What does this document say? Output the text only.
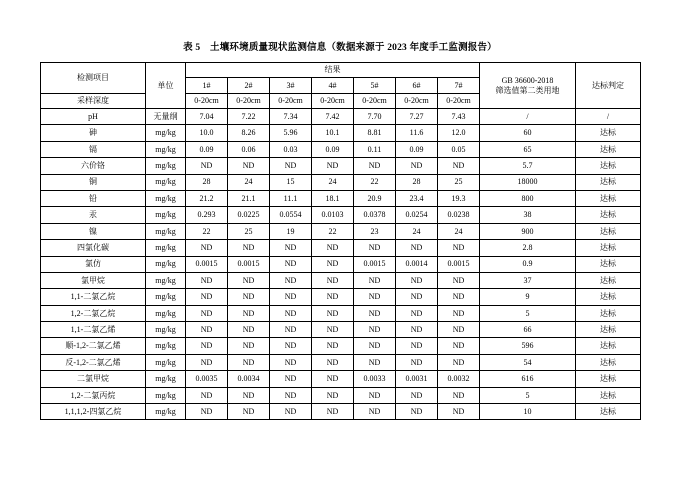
表 5　土壤环境质量现状监测信息（数据来源于 2023 年度手工监测报告）
检测项目	单位	结果							GB 36600-2018
筛选值第二类用地	达标判定
		1#	2#	3#	4#	5#	6#	7#		
采样深度		0-20cm	0-20cm	0-20cm	0-20cm	0-20cm	0-20cm	0-20cm		
pH	无量纲	7.04	7.22	7.34	7.42	7.70	7.27	7.43	/	/
砷	mg/kg	10.0	8.26	5.96	10.1	8.81	11.6	12.0	60	达标
镉	mg/kg	0.09	0.06	0.03	0.09	0.11	0.09	0.05	65	达标
六价铬	mg/kg	ND	ND	ND	ND	ND	ND	ND	5.7	达标
铜	mg/kg	28	24	15	24	22	28	25	18000	达标
铅	mg/kg	21.2	21.1	11.1	18.1	20.9	23.4	19.3	800	达标
汞	mg/kg	0.293	0.0225	0.0554	0.0103	0.0378	0.0254	0.0238	38	达标
镍	mg/kg	22	25	19	22	23	24	24	900	达标
四氯化碳	mg/kg	ND	ND	ND	ND	ND	ND	ND	2.8	达标
氯仿	mg/kg	0.0015	0.0015	ND	ND	0.0015	0.0014	0.0015	0.9	达标
氯甲烷	mg/kg	ND	ND	ND	ND	ND	ND	ND	37	达标
1,1-二氯乙烷	mg/kg	ND	ND	ND	ND	ND	ND	ND	9	达标
1,2-二氯乙烷	mg/kg	ND	ND	ND	ND	ND	ND	ND	5	达标
1,1-二氯乙烯	mg/kg	ND	ND	ND	ND	ND	ND	ND	66	达标
顺-1,2-二氯乙烯	mg/kg	ND	ND	ND	ND	ND	ND	ND	596	达标
反-1,2-二氯乙烯	mg/kg	ND	ND	ND	ND	ND	ND	ND	54	达标
二氯甲烷	mg/kg	0.0035	0.0034	ND	ND	0.0033	0.0031	0.0032	616	达标
1,2-二氯丙烷	mg/kg	ND	ND	ND	ND	ND	ND	ND	5	达标
1,1,1,2-四氯乙烷	mg/kg	ND	ND	ND	ND	ND	ND	ND	10	达标
